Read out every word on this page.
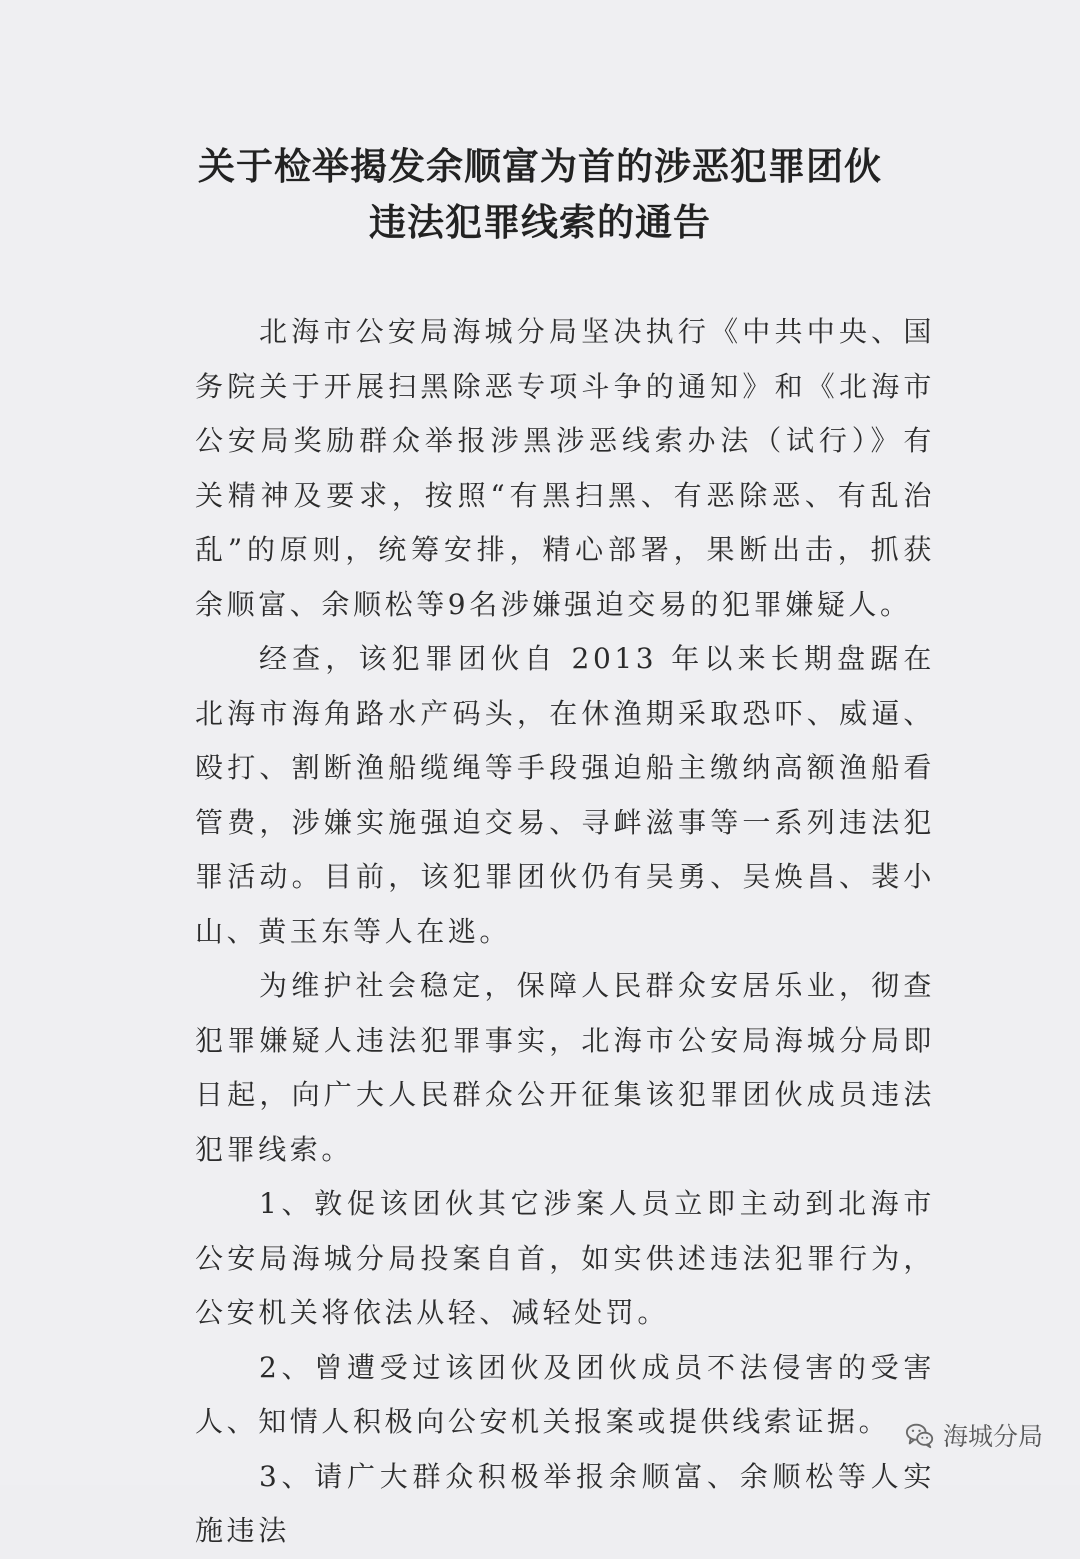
关于检举揭发余顺富为首的涉恶犯罪团伙
违法犯罪线索的通告

北海市公安局海城分局坚决执行《中共中央、国务院关于开展扫黑除恶专项斗争的通知》和《北海市公安局奖励群众举报涉黑涉恶线索办法（试行）》有关精神及要求，按照“有黑扫黑、有恶除恶、有乱治乱”的原则，统筹安排，精心部署，果断出击，抓获余顺富、余顺松等9名涉嫌强迫交易的犯罪嫌疑人。

经查，该犯罪团伙自 2013 年以来长期盘踞在北海市海角路水产码头，在休渔期采取恐吓、威逼、殴打、割断渔船缆绳等手段强迫船主缴纳高额渔船看管费，涉嫌实施强迫交易、寻衅滋事等一系列违法犯罪活动。目前，该犯罪团伙仍有吴勇、吴焕昌、裴小山、黄玉东等人在逃。

为维护社会稳定，保障人民群众安居乐业，彻查犯罪嫌疑人违法犯罪事实，北海市公安局海城分局即日起，向广大人民群众公开征集该犯罪团伙成员违法犯罪线索。

1、敦促该团伙其它涉案人员立即主动到北海市公安局海城分局投案自首，如实供述违法犯罪行为，公安机关将依法从轻、减轻处罚。

2、曾遭受过该团伙及团伙成员不法侵害的受害人、知情人积极向公安机关报案或提供线索证据。

3、请广大群众积极举报余顺富、余顺松等人实施违法

海城分局
